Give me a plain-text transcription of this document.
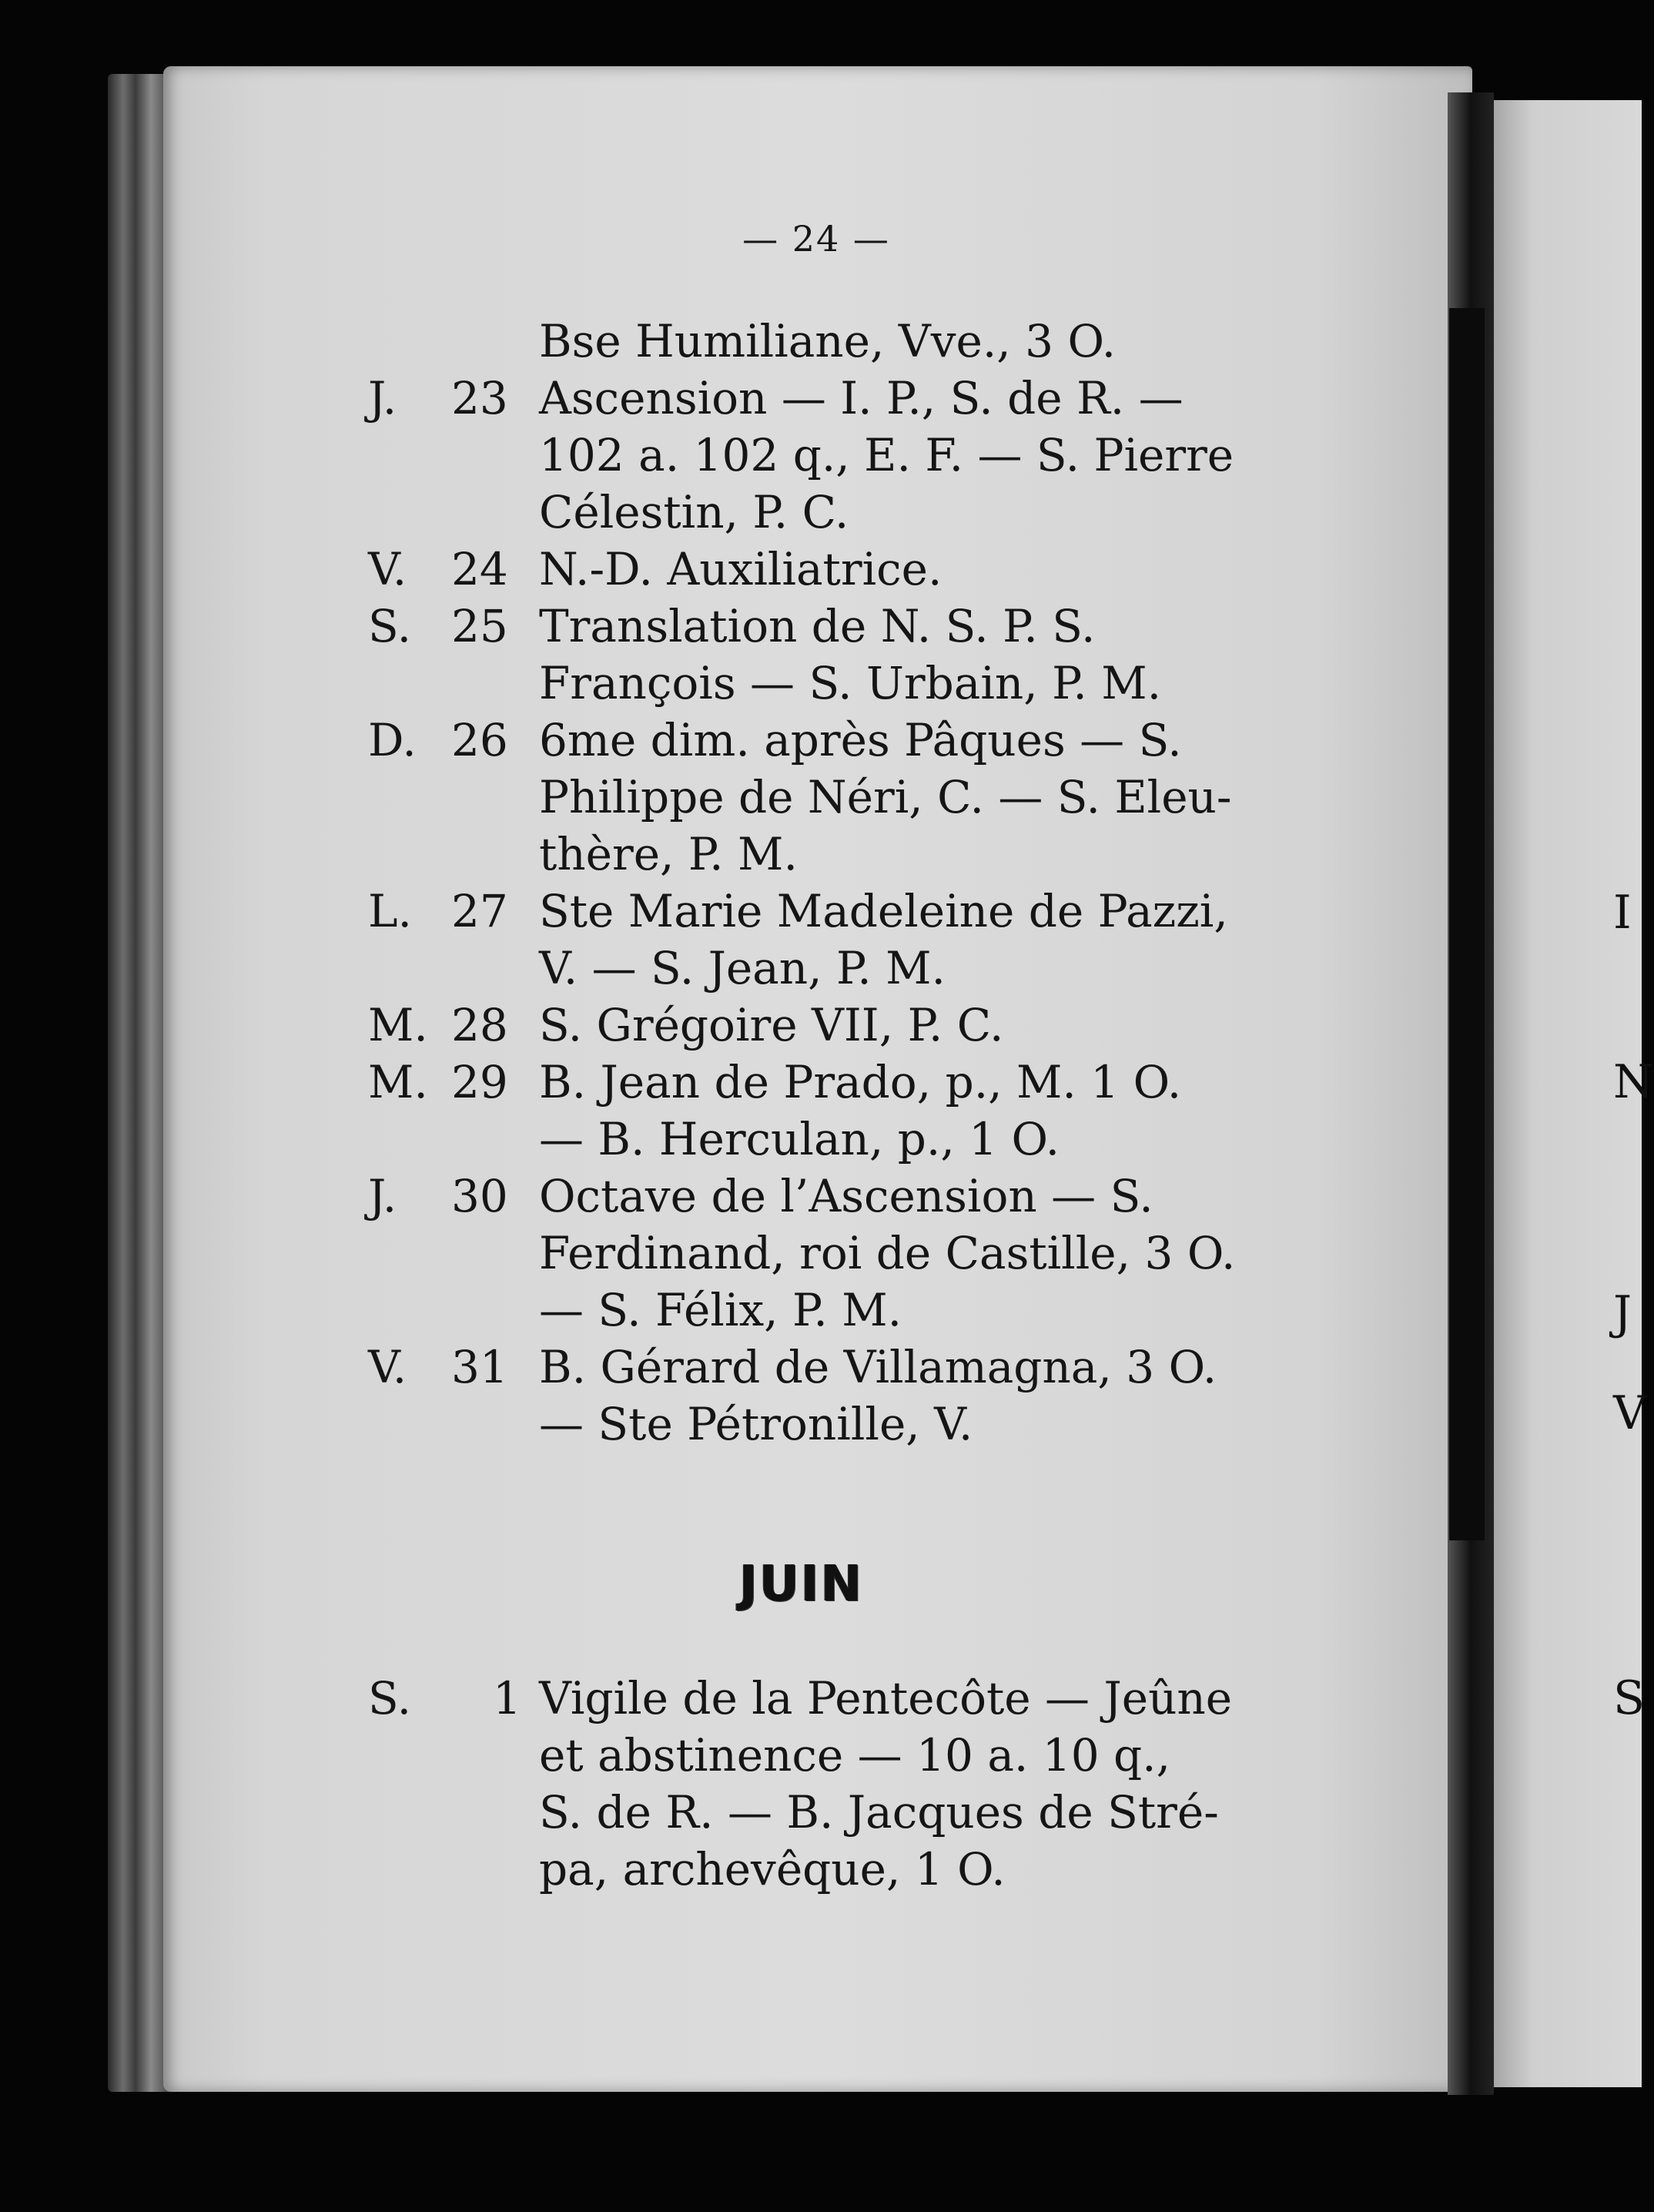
I
N
J
V
S
— 24 —
Bse Humiliane, Vve., 3 O.
J.	23 Ascension — I. P., S. de R. —
102 a. 102 q., E. F. — S. Pierre
Célestin, P. C.
V. 24 N.-D. Auxiliatrice.
S. 25 Translation de N. S. P. S.
François — S. Urbain, P. M.
D. 26 6me dim. après Pâques — S.
Philippe de Néri, C. — S. Eleu-
thère, P. M.
L. 27 Ste Marie Madeleine de Pazzi,
V. — S. Jean, P. M.
M. 28 S. Grégoire VII, P. C.
M. 29 B. Jean de Prado, p., M. 1 O.
— B. Herculan, p., 1 O.
J.	30 Octave de l’Ascension — S.
Ferdinand, roi de Castille, 3 O.
— S. Félix, P. M.
V. 31 B. Gérard de Villamagna, 3 O.
— Ste Pétronille, V.
S.	1 Vigile de la Pentecôte — Jeûne
et abstinence — 10 a. 10 q.,
S. de R. — B. Jacques de Stré-
pa, archevêque, 1 O.
JUIN
